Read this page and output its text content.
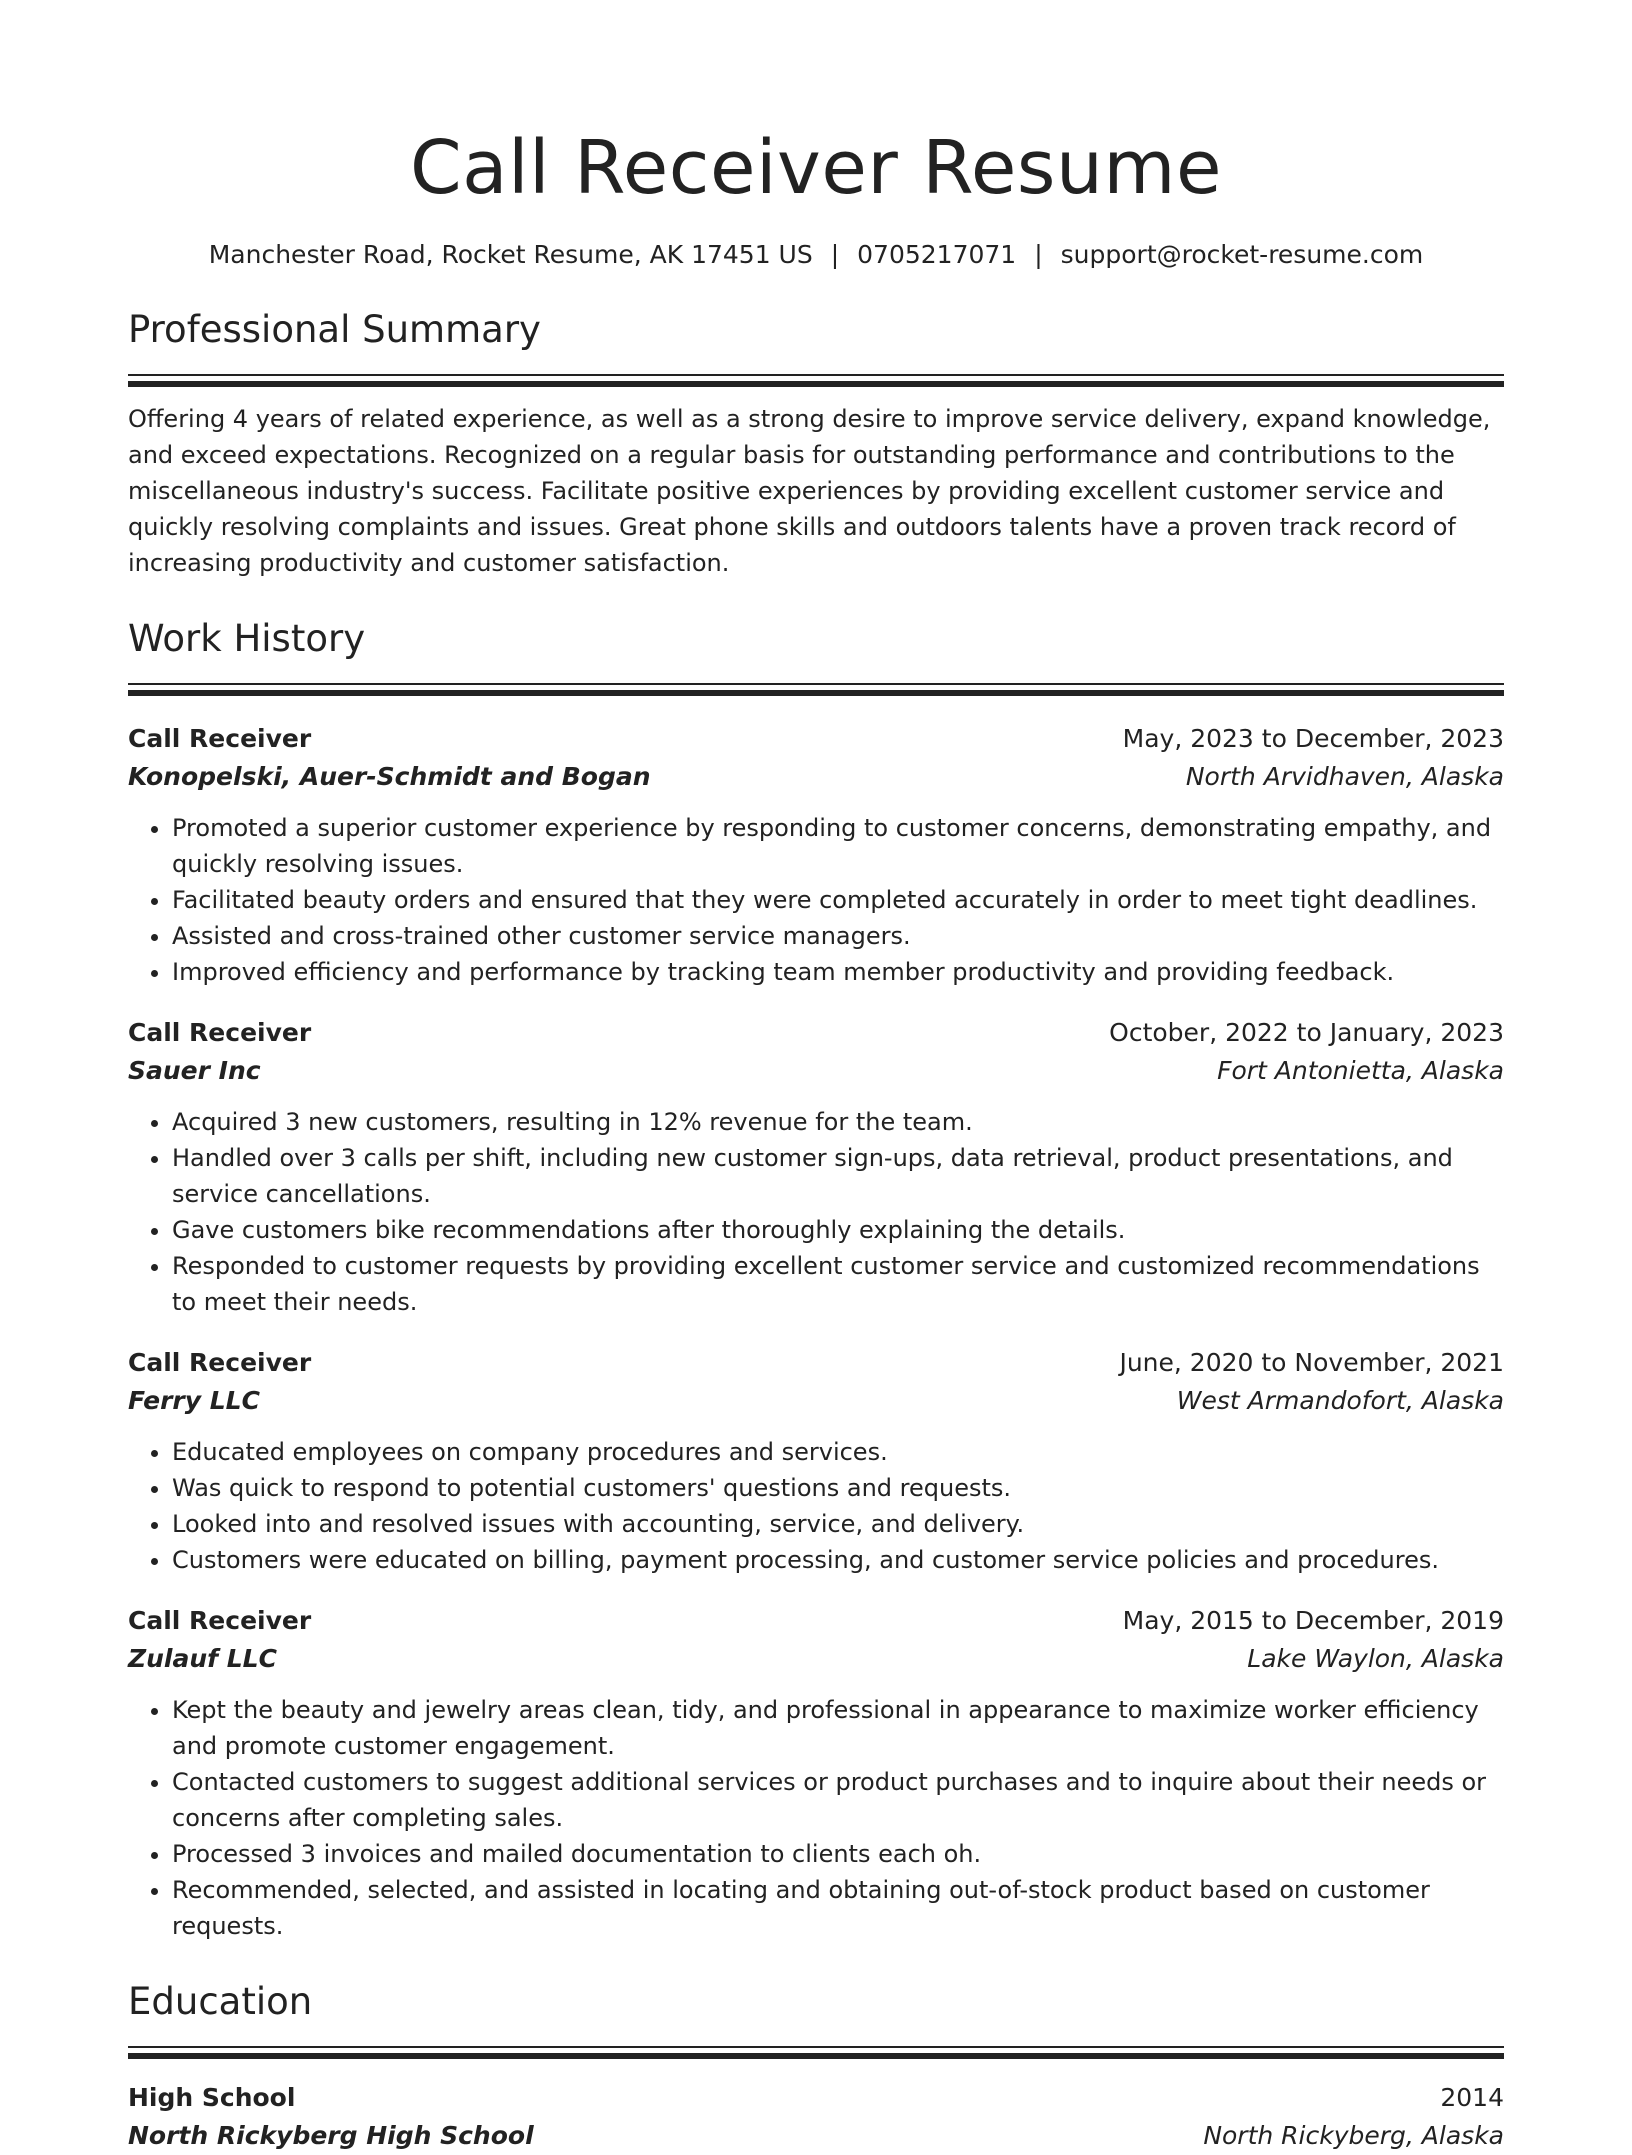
Call Receiver Resume
Manchester Road, Rocket Resume, AK 17451 US | 0705217071 | support@rocket-resume.com
Professional Summary
Offering 4 years of related experience, as well as a strong desire to improve service delivery, expand knowledge, and exceed expectations. Recognized on a regular basis for outstanding performance and contributions to the miscellaneous industry's success. Facilitate positive experiences by providing excellent customer service and quickly resolving complaints and issues. Great phone skills and outdoors talents have a proven track record of increasing productivity and customer satisfaction.
Work History
Call Receiver	May, 2023 to December, 2023
Konopelski, Auer-Schmidt and Bogan	North Arvidhaven, Alaska
• Promoted a superior customer experience by responding to customer concerns, demonstrating empathy, and quickly resolving issues.
• Facilitated beauty orders and ensured that they were completed accurately in order to meet tight deadlines.
• Assisted and cross-trained other customer service managers.
• Improved efficiency and performance by tracking team member productivity and providing feedback.
Call Receiver	October, 2022 to January, 2023
Sauer Inc	Fort Antonietta, Alaska
• Acquired 3 new customers, resulting in 12% revenue for the team.
• Handled over 3 calls per shift, including new customer sign-ups, data retrieval, product presentations, and service cancellations.
• Gave customers bike recommendations after thoroughly explaining the details.
• Responded to customer requests by providing excellent customer service and customized recommendations to meet their needs.
Call Receiver	June, 2020 to November, 2021
Ferry LLC	West Armandofort, Alaska
• Educated employees on company procedures and services.
• Was quick to respond to potential customers' questions and requests.
• Looked into and resolved issues with accounting, service, and delivery.
• Customers were educated on billing, payment processing, and customer service policies and procedures.
Call Receiver	May, 2015 to December, 2019
Zulauf LLC	Lake Waylon, Alaska
• Kept the beauty and jewelry areas clean, tidy, and professional in appearance to maximize worker efficiency and promote customer engagement.
• Contacted customers to suggest additional services or product purchases and to inquire about their needs or concerns after completing sales.
• Processed 3 invoices and mailed documentation to clients each oh.
• Recommended, selected, and assisted in locating and obtaining out-of-stock product based on customer requests.
Education
High School	2014
North Rickyberg High School	North Rickyberg, Alaska
